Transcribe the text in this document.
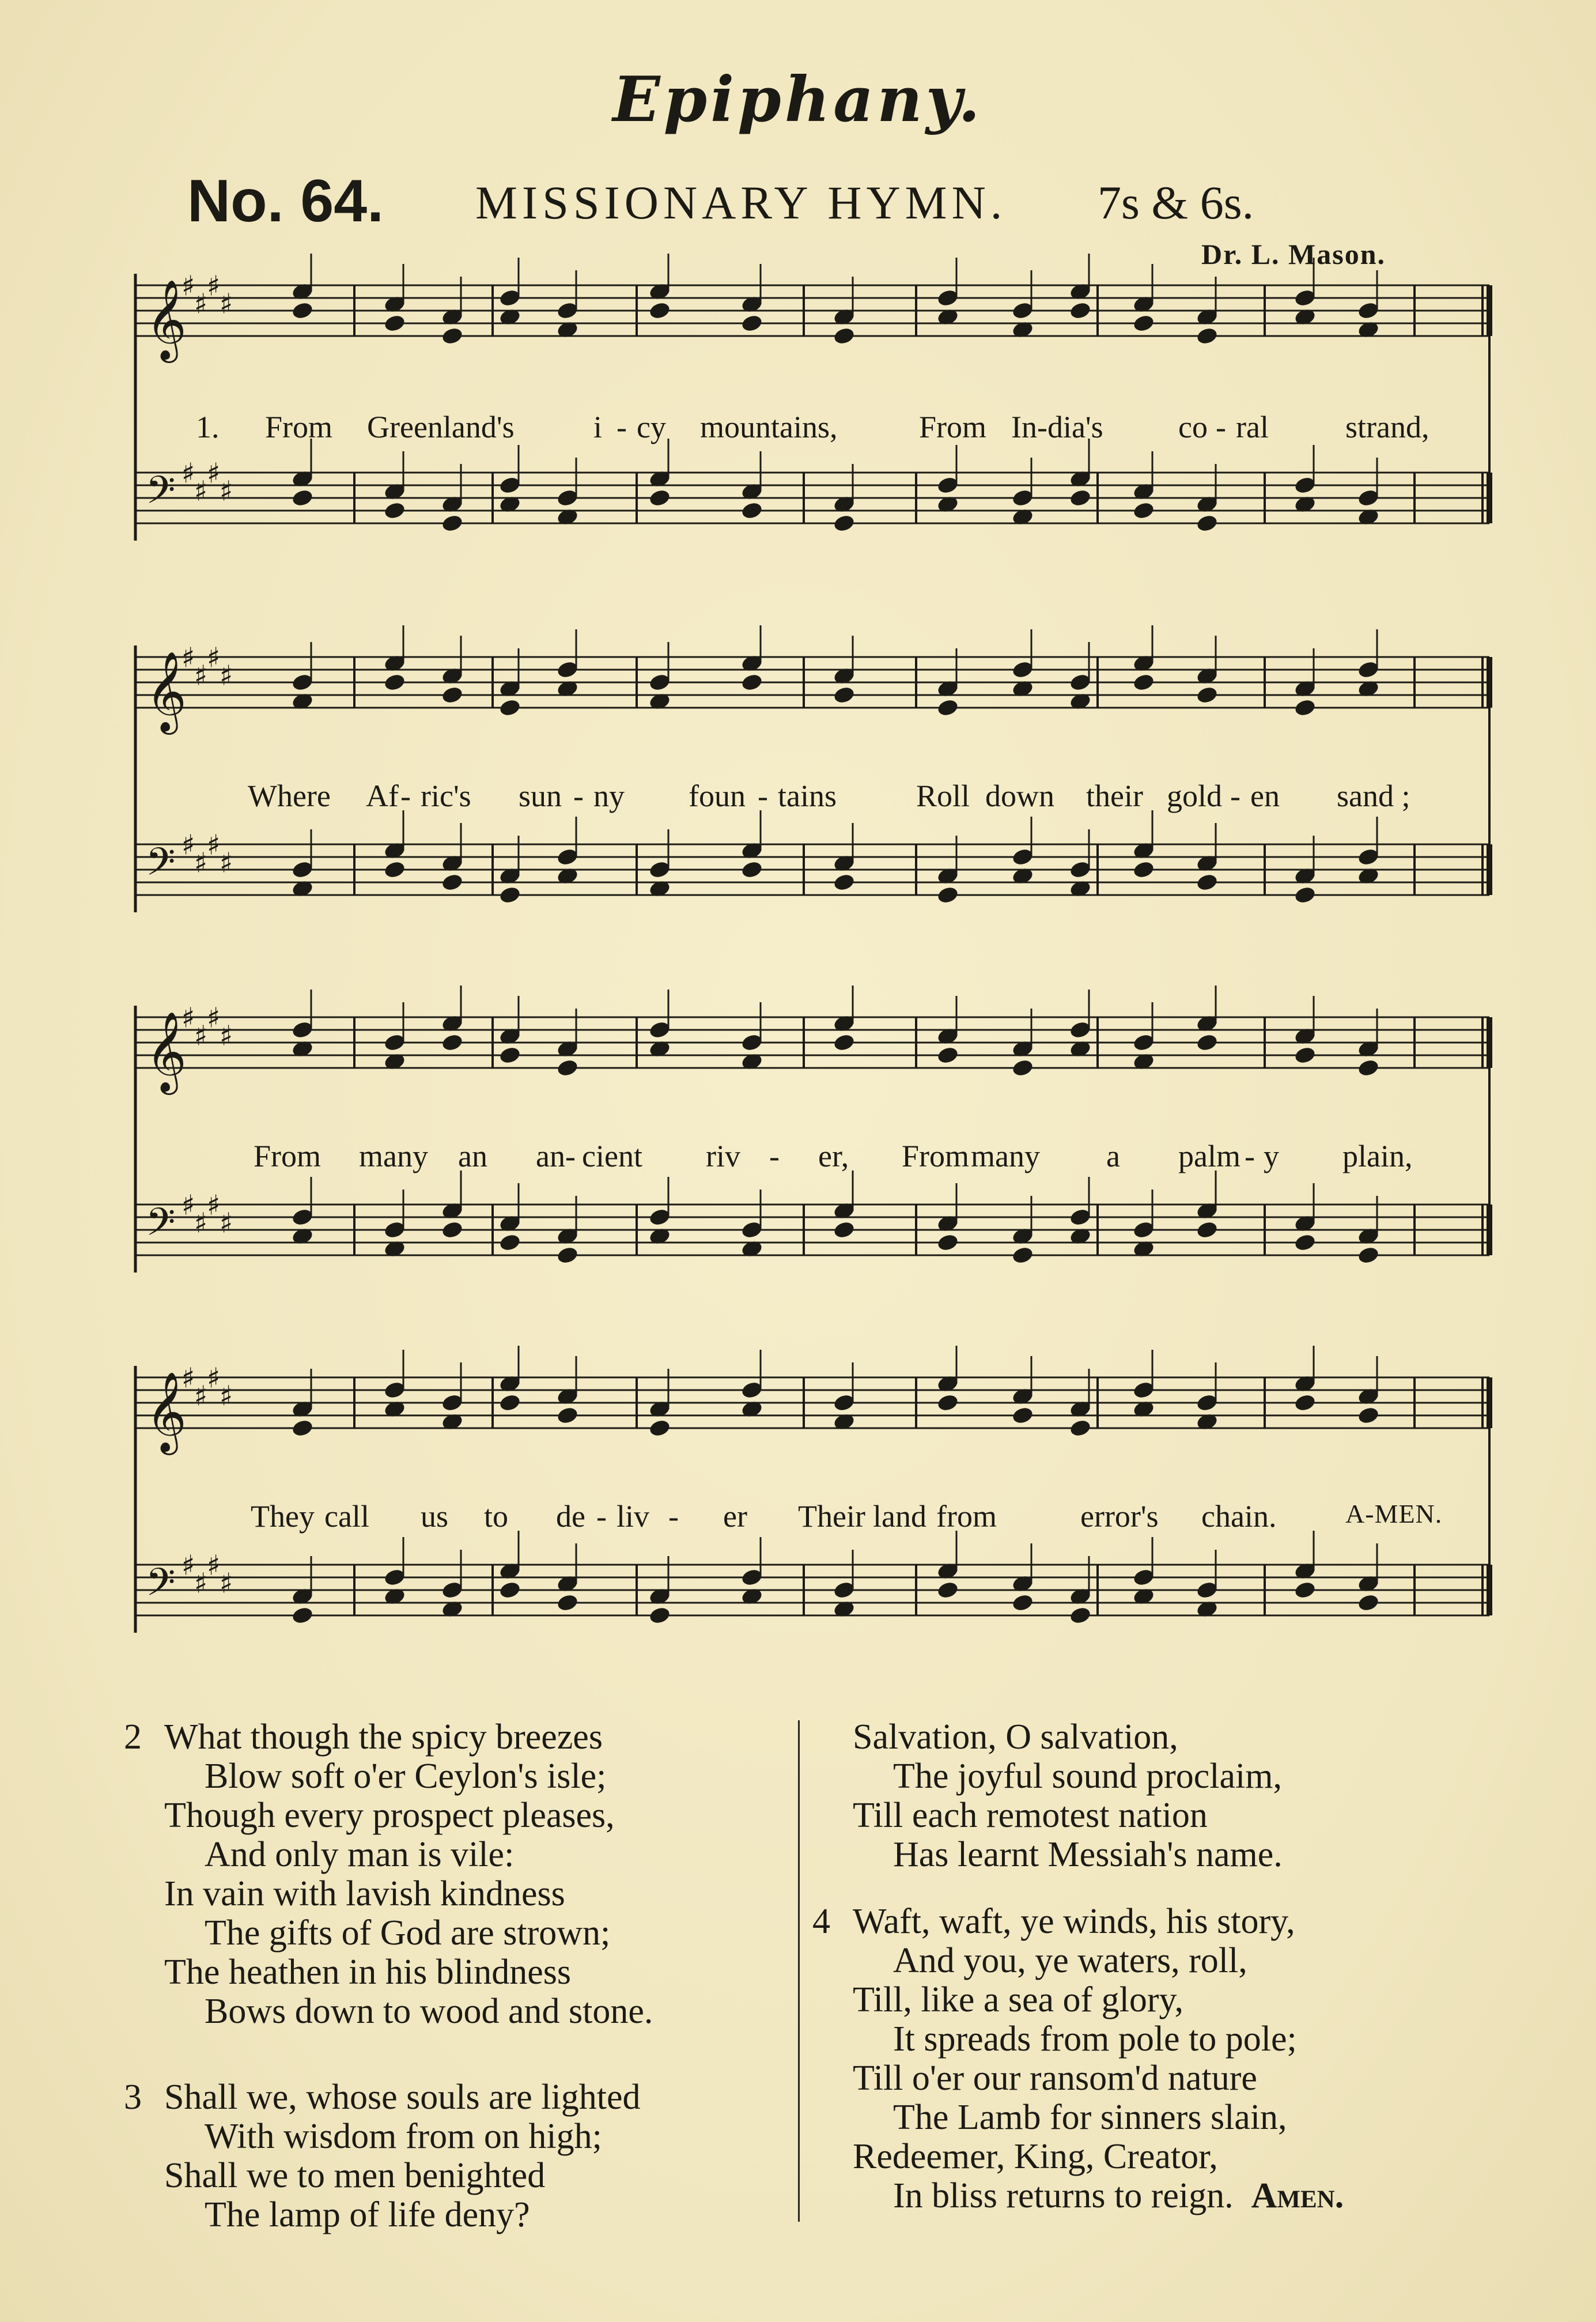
Epiphany.
No. 64. MISSIONARY HYMN. 7s & 6s.
Dr. L. Mason.
𝄞
♯
♯
♯
♯
𝄢 ♯
♯
♯
♯
1. From Greenland's	i - cy mountains,	From In-dia's co - ral strand,
𝄞
♯
♯
♯
♯
𝄢 ♯
♯
♯
♯
Where Af - ric's sun - ny foun - tains	Roll down their gold - en sand ;
𝄞
♯
♯
♯
♯
𝄢 ♯
♯
♯
♯
From many an an- cient riv - er, From many a palm - y plain,
𝄞
♯
♯
♯
♯
𝄢 ♯
♯
♯
♯
They call us to de - liv - er Their land from	error's chain.	A-MEN.
2 What though the spicy breezes
Blow soft o'er Ceylon's isle;
Though every prospect pleases,
And only man is vile:
In vain with lavish kindness
The gifts of God are strown;
The heathen in his blindness
Bows down to wood and stone.
3 Shall we, whose souls are lighted
With wisdom from on high;
Shall we to men benighted
The lamp of life deny?
Salvation, O salvation,
The joyful sound proclaim,
Till each remotest nation
Has learnt Messiah's name.
4 Waft, waft, ye winds, his story,
And you, ye waters, roll,
Till, like a sea of glory,
It spreads from pole to pole;
Till o'er our ransom'd nature
The Lamb for sinners slain,
Redeemer, King, Creator,
In bliss returns to reign. Amen.
